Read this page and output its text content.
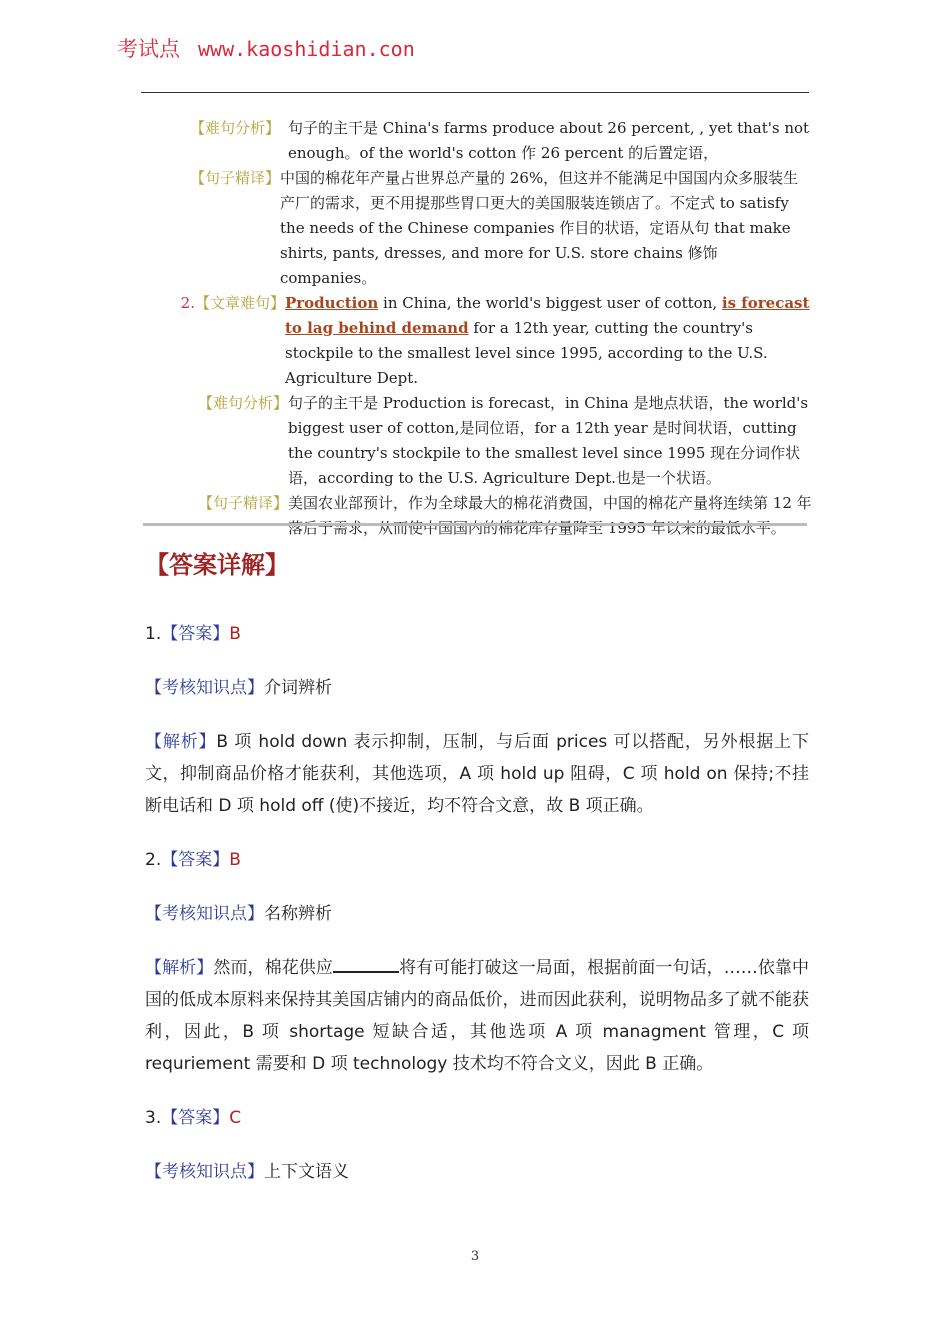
考试点 www.kaoshidian.con
【难句分析】 句子的主干是 China's farms produce about 26 percent, , yet that's not enough。of the world's cotton 作 26 percent 的后置定语，
【句子精译】 中国的棉花年产量占世界总产量的 26%，但这并不能满足中国国内众多服装生产厂的需求，更不用提那些胃口更大的美国服装连锁店了。不定式 to satisfy the needs of the Chinese companies 作目的状语，定语从句 that make shirts, pants, dresses, and more for U.S. store chains 修饰 companies。
2.【文章难句】 Production in China, the world's biggest user of cotton, is forecast to lag behind demand for a 12th year, cutting the country's stockpile to the smallest level since 1995, according to the U.S. Agriculture Dept.
【难句分析】 句子的主干是 Production is forecast，in China 是地点状语，the world's biggest user of cotton,是同位语，for a 12th year 是时间状语，cutting the country's stockpile to the smallest level since 1995 现在分词作状语，according to the U.S. Agriculture Dept.也是一个状语。
【句子精译】 美国农业部预计，作为全球最大的棉花消费国，中国的棉花产量将连续第 12 年落后于需求，从而使中国国内的棉花库存量降至 1995 年以来的最低水平。
【答案详解】

1.【答案】B

【考核知识点】介词辨析

【解析】B 项 hold down 表示抑制，压制，与后面 prices 可以搭配，另外根据上下文，抑制商品价格才能获利，其他选项，A 项 hold up 阻碍，C 项 hold on 保持;不挂断电话和 D 项 hold off (使)不接近，均不符合文意，故 B 项正确。

2.【答案】B

【考核知识点】名称辨析

【解析】然而，棉花供应	将有可能打破这一局面，根据前面一句话，……依靠中国的低成本原料来保持其美国店铺内的商品低价，进而因此获利，说明物品多了就不能获利，因此，B 项 shortage 短缺合适，其他选项 A 项 managment 管理，C 项 requriement 需要和 D 项 technology 技术均不符合文义，因此 B 正确。

3.【答案】C

【考核知识点】上下文语义

3
